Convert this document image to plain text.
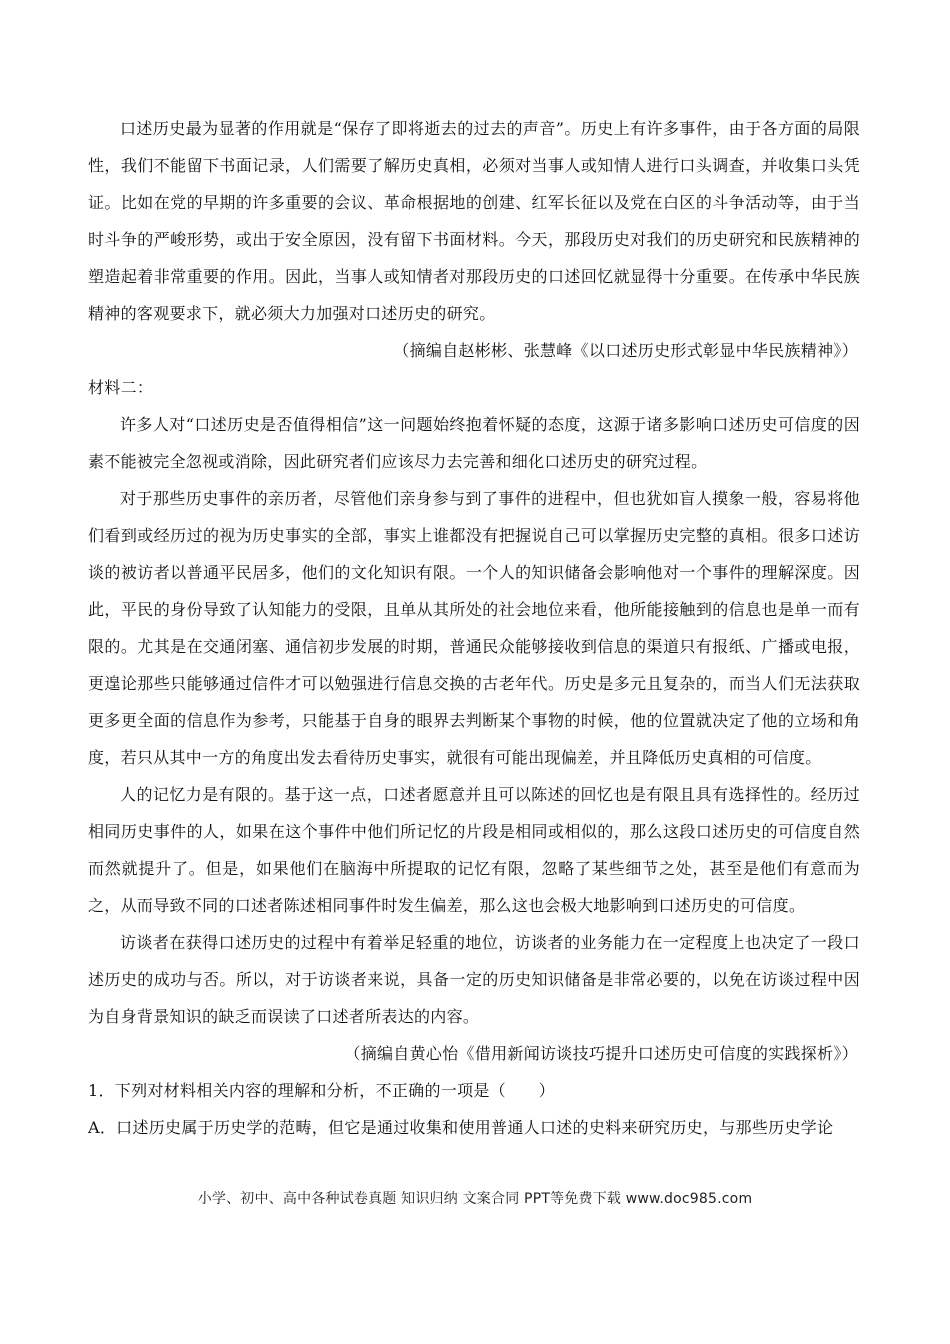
口述历史最为显著的作用就是“保存了即将逝去的过去的声音”。历史上有许多事件，由于各方面的局限性，我们不能留下书面记录，人们需要了解历史真相，必须对当事人或知情人进行口头调查，并收集口头凭证。比如在党的早期的许多重要的会议、革命根据地的创建、红军长征以及党在白区的斗争活动等，由于当时斗争的严峻形势，或出于安全原因，没有留下书面材料。今天，那段历史对我们的历史研究和民族精神的塑造起着非常重要的作用。因此，当事人或知情者对那段历史的口述回忆就显得十分重要。在传承中华民族精神的客观要求下，就必须大力加强对口述历史的研究。

（摘编自赵彬彬、张慧峰《以口述历史形式彰显中华民族精神》）

材料二：

许多人对“口述历史是否值得相信”这一问题始终抱着怀疑的态度，这源于诸多影响口述历史可信度的因素不能被完全忽视或消除，因此研究者们应该尽力去完善和细化口述历史的研究过程。

对于那些历史事件的亲历者，尽管他们亲身参与到了事件的进程中，但也犹如盲人摸象一般，容易将他们看到或经历过的视为历史事实的全部，事实上谁都没有把握说自己可以掌握历史完整的真相。很多口述访谈的被访者以普通平民居多，他们的文化知识有限。一个人的知识储备会影响他对一个事件的理解深度。因此，平民的身份导致了认知能力的受限，且单从其所处的社会地位来看，他所能接触到的信息也是单一而有限的。尤其是在交通闭塞、通信初步发展的时期，普通民众能够接收到信息的渠道只有报纸、广播或电报，更遑论那些只能够通过信件才可以勉强进行信息交换的古老年代。历史是多元且复杂的，而当人们无法获取更多更全面的信息作为参考，只能基于自身的眼界去判断某个事物的时候，他的位置就决定了他的立场和角度，若只从其中一方的角度出发去看待历史事实，就很有可能出现偏差，并且降低历史真相的可信度。

人的记忆力是有限的。基于这一点，口述者愿意并且可以陈述的回忆也是有限且具有选择性的。经历过相同历史事件的人，如果在这个事件中他们所记忆的片段是相同或相似的，那么这段口述历史的可信度自然而然就提升了。但是，如果他们在脑海中所提取的记忆有限，忽略了某些细节之处，甚至是他们有意而为之，从而导致不同的口述者陈述相同事件时发生偏差，那么这也会极大地影响到口述历史的可信度。

访谈者在获得口述历史的过程中有着举足轻重的地位，访谈者的业务能力在一定程度上也决定了一段口述历史的成功与否。所以，对于访谈者来说，具备一定的历史知识储备是非常必要的，以免在访谈过程中因为自身背景知识的缺乏而误读了口述者所表达的内容。

（摘编自黄心怡《借用新闻访谈技巧提升口述历史可信度的实践探析》）

1．下列对材料相关内容的理解和分析，不正确的一项是（　　）

A．口述历史属于历史学的范畴，但它是通过收集和使用普通人口述的史料来研究历史，与那些历史学论

小学、初中、高中各种试卷真题 知识归纳 文案合同 PPT等免费下载 www.doc985.com
